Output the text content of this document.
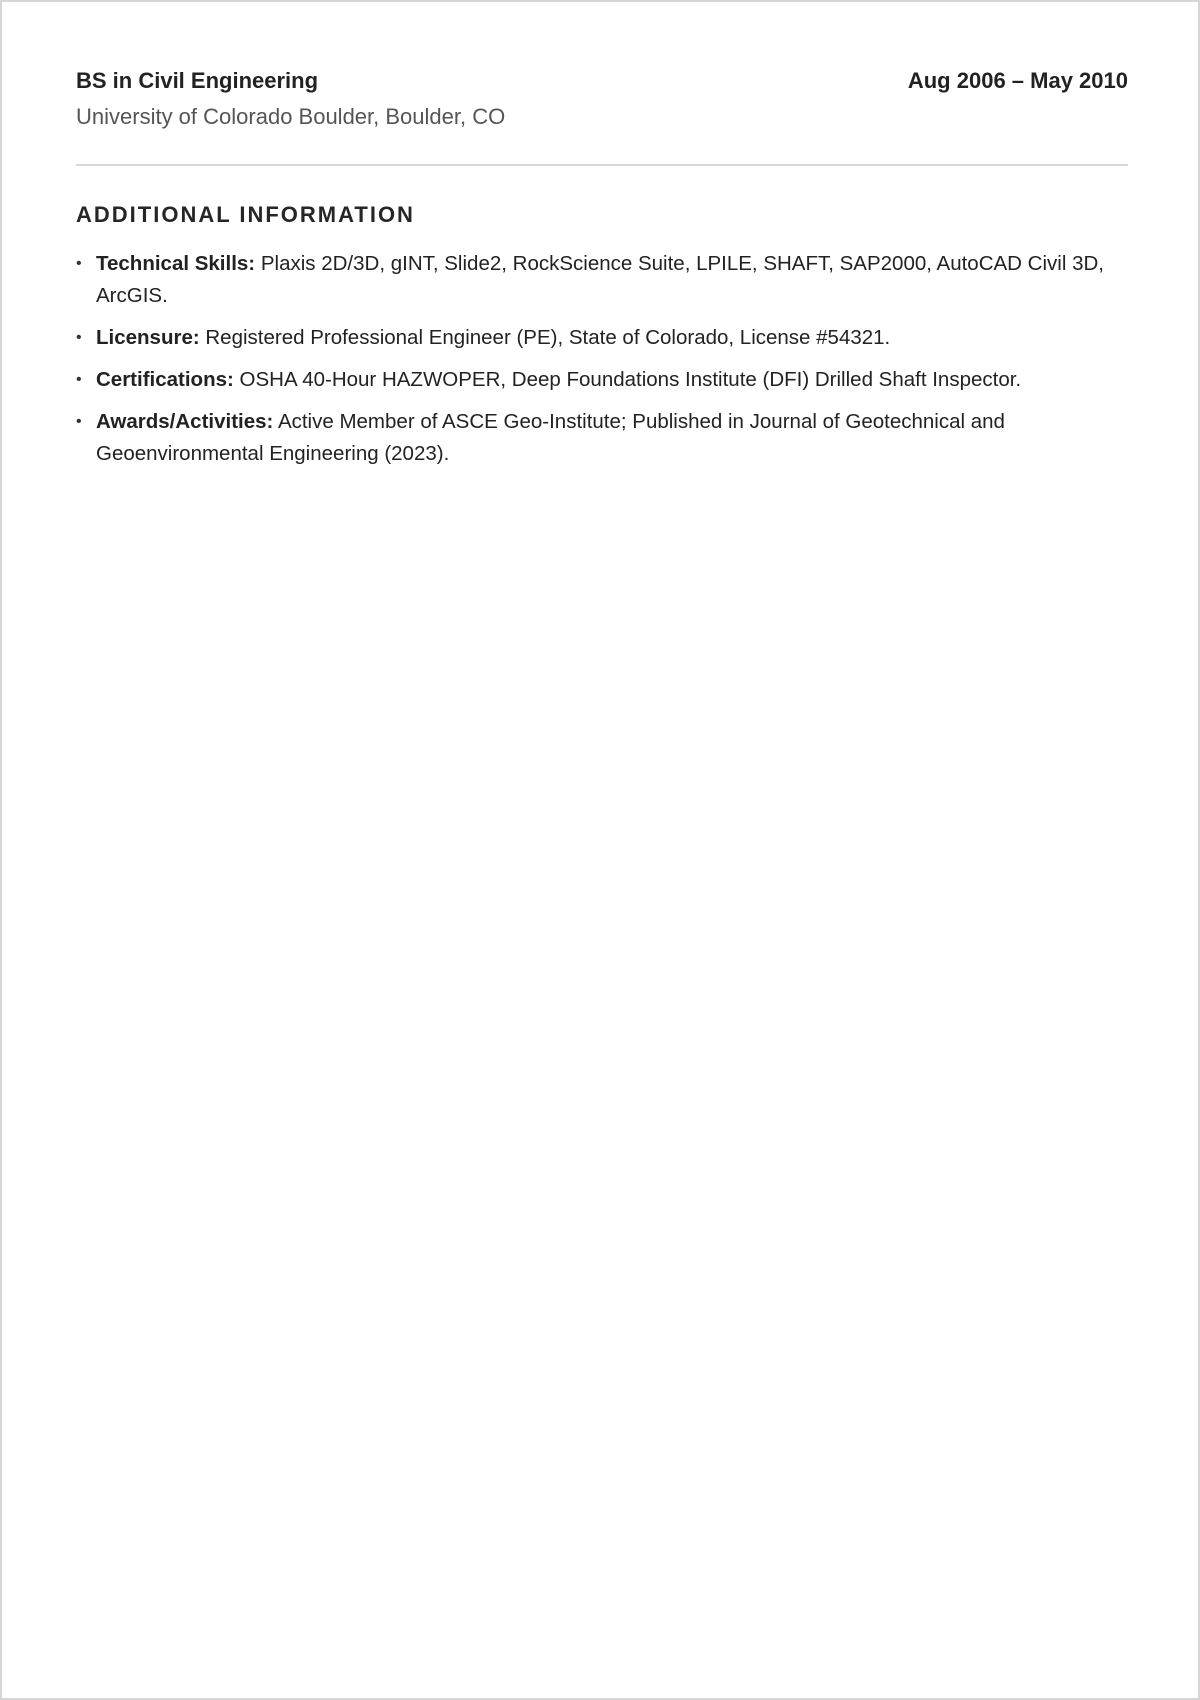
BS in Civil Engineering	Aug 2006 – May 2010
University of Colorado Boulder, Boulder, CO
ADDITIONAL INFORMATION
• Technical Skills: Plaxis 2D/3D, gINT, Slide2, RockScience Suite, LPILE, SHAFT, SAP2000, AutoCAD Civil 3D, ArcGIS.
• Licensure: Registered Professional Engineer (PE), State of Colorado, License #54321.
• Certifications: OSHA 40-Hour HAZWOPER, Deep Foundations Institute (DFI) Drilled Shaft Inspector.
• Awards/Activities: Active Member of ASCE Geo-Institute; Published in Journal of Geotechnical and Geoenvironmental Engineering (2023).
